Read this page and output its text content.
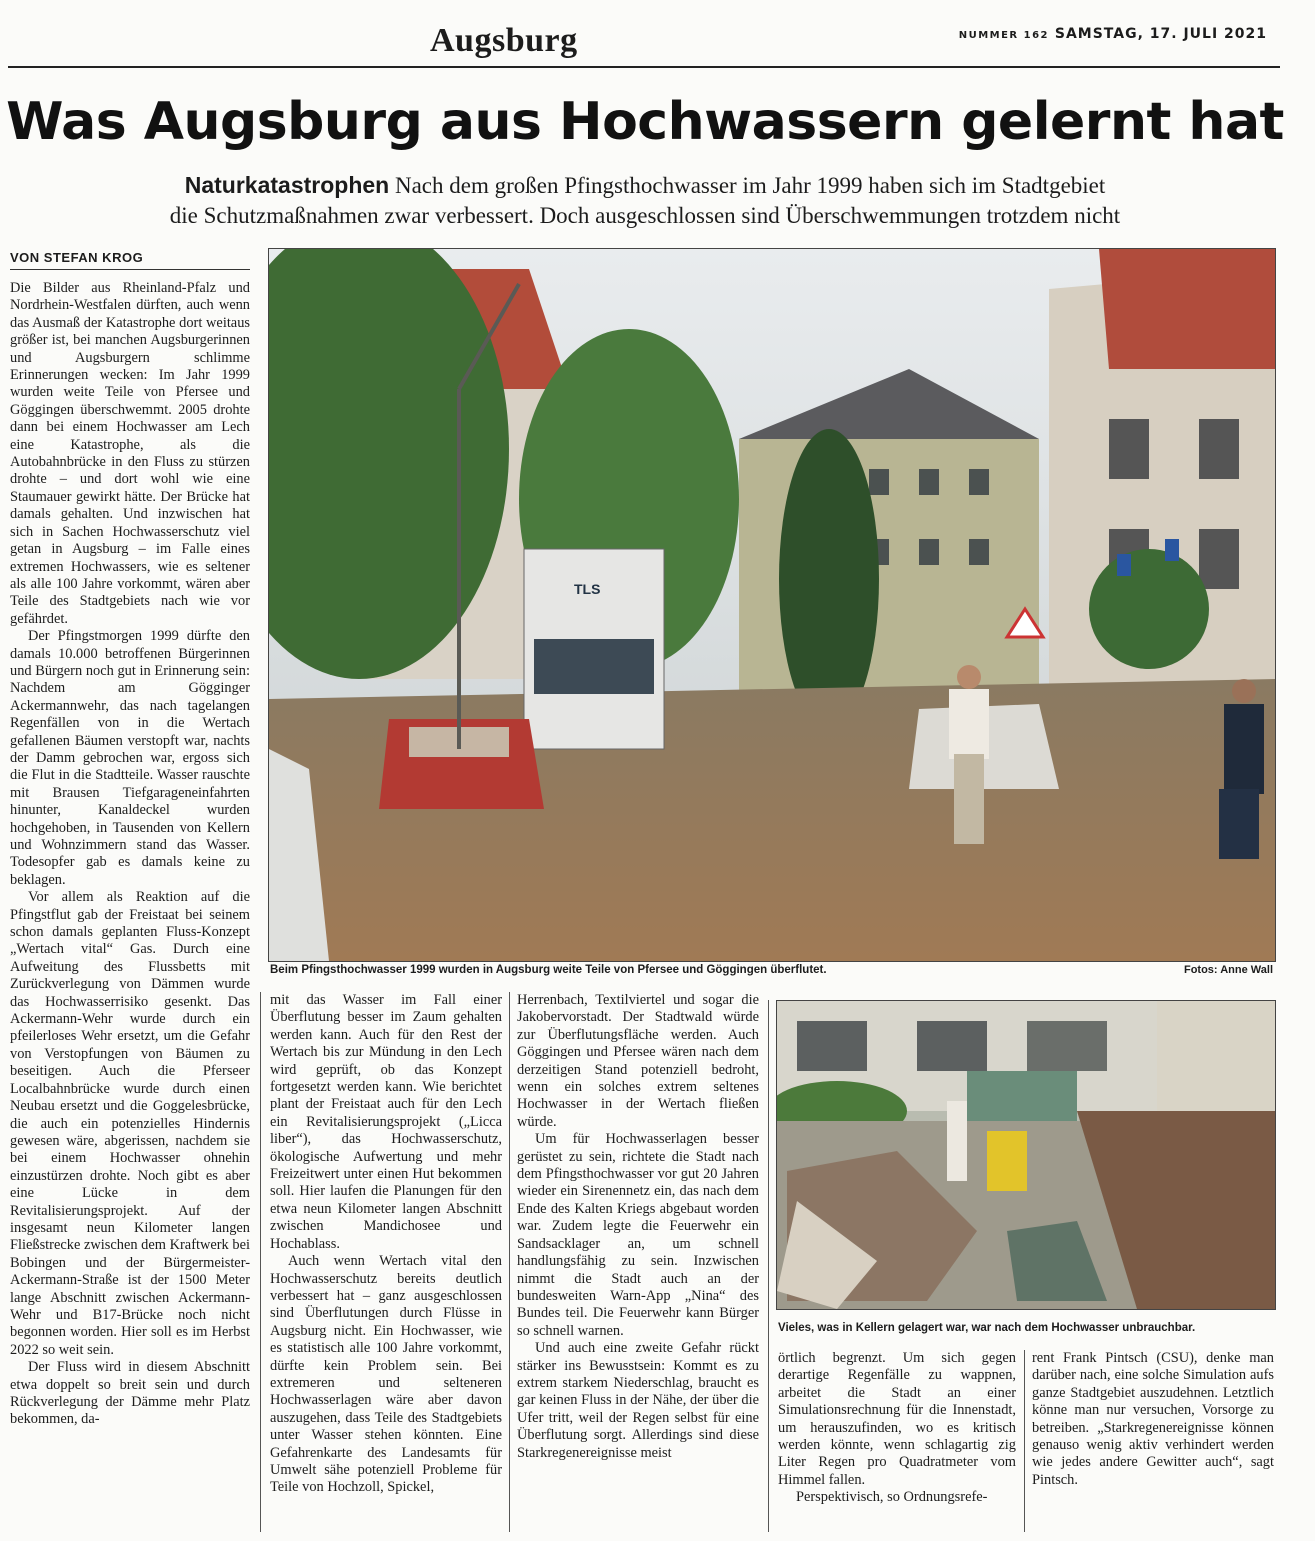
Augsburg	NUMMER 162 SAMSTAG, 17. JULI 2021
Was Augsburg aus Hochwassern gelernt hat
Naturkatastrophen Nach dem großen Pfingsthochwasser im Jahr 1999 haben sich im Stadtgebiet
die Schutzmaßnahmen zwar verbessert. Doch ausgeschlossen sind Überschwemmungen trotzdem nicht
VON STEFAN KROG
TLS
Beim Pfingsthochwasser 1999 wurden in Augsburg weite Teile von Pfersee und Göggingen überflutet.	Fotos: Anne Wall
Vieles, was in Kellern gelagert war, war nach dem Hochwasser unbrauchbar.

Die Bilder aus Rheinland-Pfalz und Nordrhein-Westfalen dürften, auch wenn das Ausmaß der Katastrophe dort weitaus größer ist, bei manchen Augsburgerinnen und Augsburgern schlimme Erinnerungen wecken: Im Jahr 1999 wurden weite Teile von Pfersee und Göggingen überschwemmt. 2005 drohte dann bei einem Hochwasser am Lech eine Katastrophe, als die Autobahnbrücke in den Fluss zu stürzen drohte – und dort wohl wie eine Staumauer gewirkt hätte. Der Brücke hat damals gehalten. Und inzwischen hat sich in Sachen Hochwasserschutz viel getan in Augsburg – im Falle eines extremen Hochwassers, wie es seltener als alle 100 Jahre vorkommt, wären aber Teile des Stadtgebiets nach wie vor gefährdet.

Der Pfingstmorgen 1999 dürfte den damals 10.000 betroffenen Bürgerinnen und Bürgern noch gut in Erinnerung sein: Nachdem am Gögginger Ackermannwehr, das nach tagelangen Regenfällen von in die Wertach gefallenen Bäumen verstopft war, nachts der Damm gebrochen war, ergoss sich die Flut in die Stadtteile. Wasser rauschte mit Brausen Tiefgarageneinfahrten hinunter, Kanaldeckel wurden hochgehoben, in Tausenden von Kellern und Wohnzimmern stand das Wasser. Todesopfer gab es damals keine zu beklagen.

Vor allem als Reaktion auf die Pfingstflut gab der Freistaat bei seinem schon damals geplanten Fluss-Konzept „Wertach vital“ Gas. Durch eine Aufweitung des Flussbetts mit Zurückverlegung von Dämmen wurde das Hochwasserrisiko gesenkt. Das Ackermann-Wehr wurde durch ein pfeilerloses Wehr ersetzt, um die Gefahr von Verstopfungen von Bäumen zu beseitigen. Auch die Pferseer Localbahnbrücke wurde durch einen Neubau ersetzt und die Goggelesbrücke, die auch ein potenzielles Hindernis gewesen wäre, abgerissen, nachdem sie bei einem Hochwasser ohnehin einzustürzen drohte. Noch gibt es aber eine Lücke in dem Revitalisierungsprojekt. Auf der insgesamt neun Kilometer langen Fließstrecke zwischen dem Kraftwerk bei Bobingen und der Bürgermeister-Ackermann-Straße ist der 1500 Meter lange Abschnitt zwischen Ackermann-Wehr und B17-Brücke noch nicht begonnen worden. Hier soll es im Herbst 2022 so weit sein.

Der Fluss wird in diesem Abschnitt etwa doppelt so breit sein und durch Rückverlegung der Dämme mehr Platz bekommen, da-

mit das Wasser im Fall einer Überflutung besser im Zaum gehalten werden kann. Auch für den Rest der Wertach bis zur Mündung in den Lech wird geprüft, ob das Konzept fortgesetzt werden kann. Wie berichtet plant der Freistaat auch für den Lech ein Revitalisierungsprojekt („Licca liber“), das Hochwasserschutz, ökologische Aufwertung und mehr Freizeitwert unter einen Hut bekommen soll. Hier laufen die Planungen für den etwa neun Kilometer langen Abschnitt zwischen Mandichosee und Hochablass.

Auch wenn Wertach vital den Hochwasserschutz bereits deutlich verbessert hat – ganz ausgeschlossen sind Überflutungen durch Flüsse in Augsburg nicht. Ein Hochwasser, wie es statistisch alle 100 Jahre vorkommt, dürfte kein Problem sein. Bei extremeren und selteneren Hochwasserlagen wäre aber davon auszugehen, dass Teile des Stadtgebiets unter Wasser stehen könnten. Eine Gefahrenkarte des Landesamts für Umwelt sähe potenziell Probleme für Teile von Hochzoll, Spickel,

Herrenbach, Textilviertel und sogar die Jakobervorstadt. Der Stadtwald würde zur Überflutungsfläche werden. Auch Göggingen und Pfersee wären nach dem derzeitigen Stand potenziell bedroht, wenn ein solches extrem seltenes Hochwasser in der Wertach fließen würde.

Um für Hochwasserlagen besser gerüstet zu sein, richtete die Stadt nach dem Pfingsthochwasser vor gut 20 Jahren wieder ein Sirenennetz ein, das nach dem Ende des Kalten Kriegs abgebaut worden war. Zudem legte die Feuerwehr ein Sandsacklager an, um schnell handlungsfähig zu sein. Inzwischen nimmt die Stadt auch an der bundesweiten Warn-App „Nina“ des Bundes teil. Die Feuerwehr kann Bürger so schnell warnen.

Und auch eine zweite Gefahr rückt stärker ins Bewusstsein: Kommt es zu extrem starkem Niederschlag, braucht es gar keinen Fluss in der Nähe, der über die Ufer tritt, weil der Regen selbst für eine Überflutung sorgt. Allerdings sind diese Starkregenereignisse meist

örtlich begrenzt. Um sich gegen derartige Regenfälle zu wappnen, arbeitet die Stadt an einer Simulationsrechnung für die Innenstadt, um herauszufinden, wo es kritisch werden könnte, wenn schlagartig zig Liter Regen pro Quadratmeter vom Himmel fallen.

Perspektivisch, so Ordnungsrefe-

rent Frank Pintsch (CSU), denke man darüber nach, eine solche Simulation aufs ganze Stadtgebiet auszudehnen. Letztlich könne man nur versuchen, Vorsorge zu betreiben. „Starkregenereignisse können genauso wenig aktiv verhindert werden wie jedes andere Gewitter auch“, sagt Pintsch.
